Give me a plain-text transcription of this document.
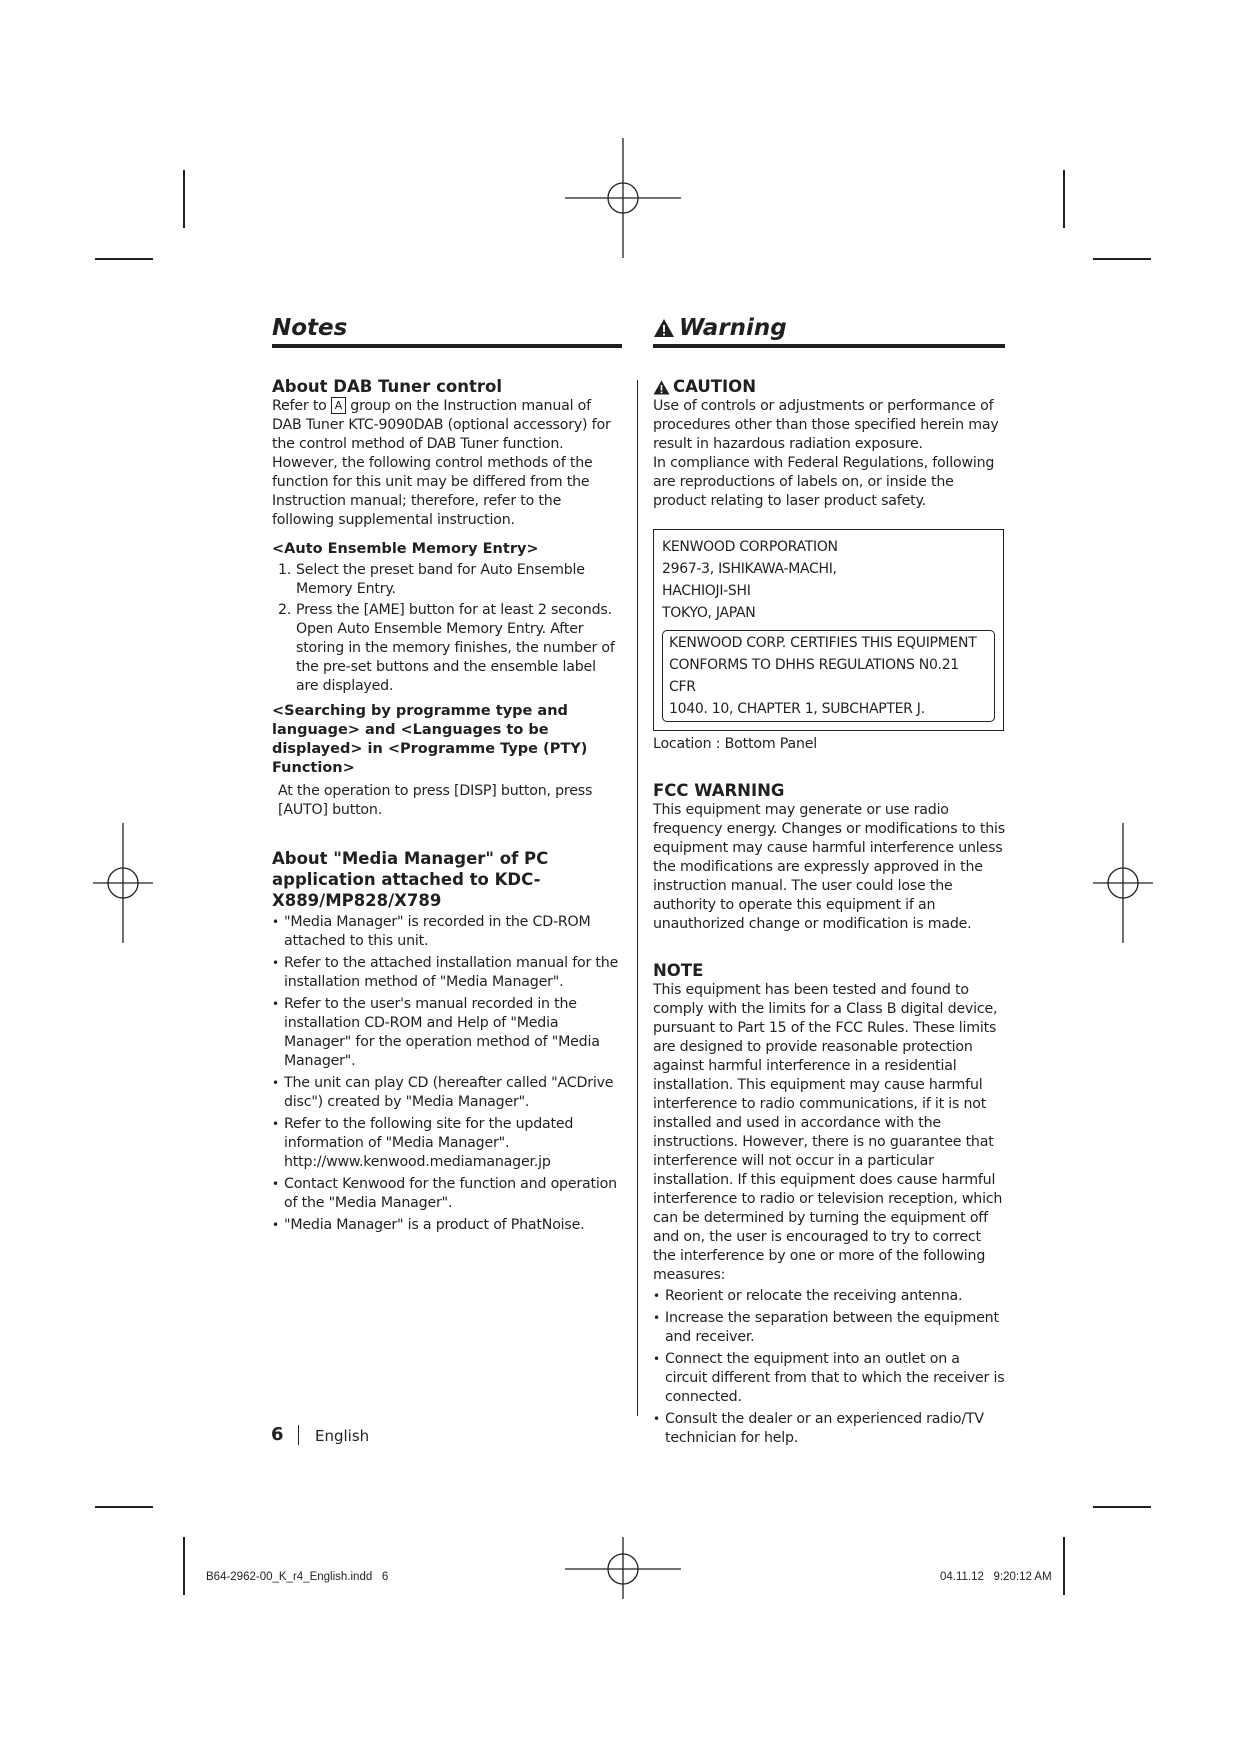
Notes
About DAB Tuner control
Refer to A group on the Instruction manual of DAB Tuner KTC-9090DAB (optional accessory) for the control method of DAB Tuner function.
However, the following control methods of the function for this unit may be differed from the Instruction manual; therefore, refer to the following supplemental instruction.
<Auto Ensemble Memory Entry>
1. Select the preset band for Auto Ensemble Memory Entry.
2. Press the [AME] button for at least 2 seconds. Open Auto Ensemble Memory Entry. After storing in the memory finishes, the number of the pre-set buttons and the ensemble label are displayed.
<Searching by programme type and language> and <Languages to be displayed> in <Programme Type (PTY) Function>
At the operation to press [DISP] button, press [AUTO] button.
About "Media Manager" of PC application attached to KDC-X889/MP828/X789
• "Media Manager" is recorded in the CD-ROM attached to this unit.
• Refer to the attached installation manual for the installation method of "Media Manager".
• Refer to the user's manual recorded in the installation CD-ROM and Help of "Media Manager" for the operation method of "Media Manager".
• The unit can play CD (hereafter called "ACDrive disc") created by "Media Manager".
• Refer to the following site for the updated information of "Media Manager". http://www.kenwood.mediamanager.jp
• Contact Kenwood for the function and operation of the "Media Manager".
• "Media Manager" is a product of PhatNoise.
Warning
CAUTION
Use of controls or adjustments or performance of procedures other than those specified herein may result in hazardous radiation exposure.
In compliance with Federal Regulations, following are reproductions of labels on, or inside the product relating to laser product safety.
KENWOOD CORPORATION
2967-3, ISHIKAWA-MACHI,
HACHIOJI-SHI
TOKYO, JAPAN
KENWOOD CORP. CERTIFIES THIS EQUIPMENT
CONFORMS TO DHHS REGULATIONS N0.21 CFR
1040. 10, CHAPTER 1, SUBCHAPTER J.
Location : Bottom Panel
FCC WARNING
This equipment may generate or use radio frequency energy. Changes or modifications to this equipment may cause harmful interference unless the modifications are expressly approved in the instruction manual. The user could lose the authority to operate this equipment if an unauthorized change or modification is made.
NOTE
This equipment has been tested and found to comply with the limits for a Class B digital device, pursuant to Part 15 of the FCC Rules. These limits are designed to provide reasonable protection against harmful interference in a residential installation. This equipment may cause harmful interference to radio communications, if it is not installed and used in accordance with the instructions. However, there is no guarantee that interference will not occur in a particular installation. If this equipment does cause harmful interference to radio or television reception, which can be determined by turning the equipment off and on, the user is encouraged to try to correct the interference by one or more of the following measures:
• Reorient or relocate the receiving antenna.
• Increase the separation between the equipment and receiver.
• Connect the equipment into an outlet on a circuit different from that to which the receiver is connected.
• Consult the dealer or an experienced radio/TV technician for help.
6 English
B64-2962-00_K_r4_English.indd   6	04.11.12   9:20:12 AM
